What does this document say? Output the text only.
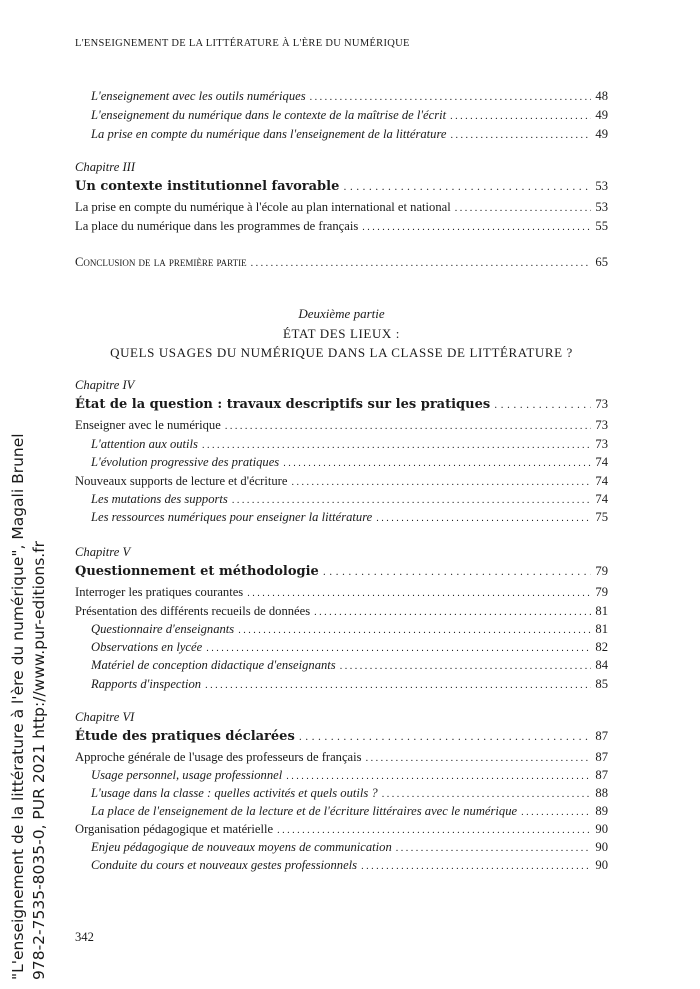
L'ENSEIGNEMENT DE LA LITTÉRATURE À L'ÈRE DU NUMÉRIQUE
L'enseignement avec les outils numériques . . .	48
L'enseignement du numérique dans le contexte de la maîtrise de l'écrit . . .	49
La prise en compte du numérique dans l'enseignement de la littérature . . .	49
Chapitre III
Un contexte institutionnel favorable . . .	53
La prise en compte du numérique à l'école au plan international et national . . .	53
La place du numérique dans les programmes de français . . .	55
Conclusion de la première partie . . .	65
Deuxième partie
ÉTAT DES LIEUX :
QUELS USAGES DU NUMÉRIQUE DANS LA CLASSE DE LITTÉRATURE ?
Chapitre IV
État de la question : travaux descriptifs sur les pratiques . . .	73
Enseigner avec le numérique . . .	73
L'attention aux outils . . .	73
L'évolution progressive des pratiques . . .	74
Nouveaux supports de lecture et d'écriture . . .	74
Les mutations des supports . . .	74
Les ressources numériques pour enseigner la littérature . . .	75
Chapitre V
Questionnement et méthodologie . . .	79
Interroger les pratiques courantes . . .	79
Présentation des différents recueils de données . . .	81
Questionnaire d'enseignants . . .	81
Observations en lycée . . .	82
Matériel de conception didactique d'enseignants . . .	84
Rapports d'inspection . . .	85
Chapitre VI
Étude des pratiques déclarées . . .	87
Approche générale de l'usage des professeurs de français . . .	87
Usage personnel, usage professionnel . . .	87
L'usage dans la classe : quelles activités et quels outils ? . . .	88
La place de l'enseignement de la lecture et de l'écriture littéraires avec le numérique . . .	89
Organisation pédagogique et matérielle . . .	90
Enjeu pédagogique de nouveaux moyens de communication . . .	90
Conduite du cours et nouveaux gestes professionnels . . .	90
342
"L'enseignement de la littérature à l'ère du numérique", Magali Brunel 978-2-7535-8035-0, PUR 2021 http://www.pur-editions.fr
